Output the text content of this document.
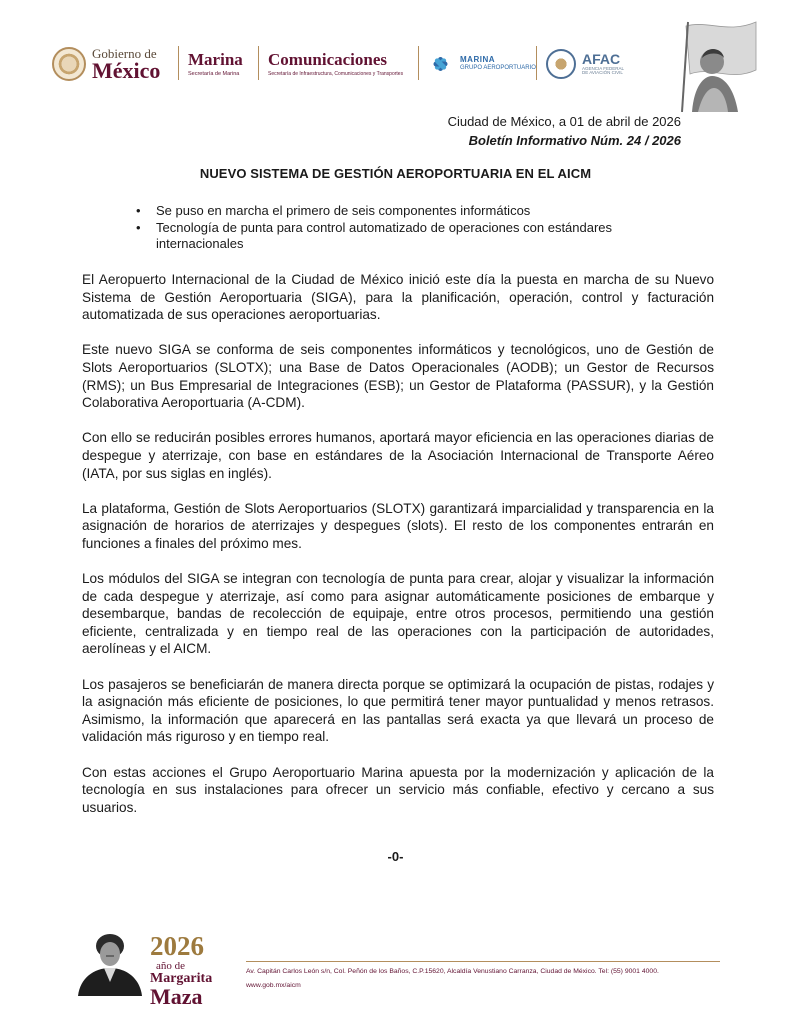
Gobierno de
México Marina
Secretaría de Marina
Comunicaciones
Secretaría de Infraestructura, Comunicaciones y Transportes
MARINA
GRUPO AEROPORTUARIO
AFAC
AGENCIA FEDERAL DE AVIACIÓN CIVIL
Ciudad de México, a 01 de abril de 2026
Boletín Informativo Núm. 24 / 2026
NUEVO SISTEMA DE GESTIÓN AEROPORTUARIA EN EL AICM
• Se puso en marcha el primero de seis componentes informáticos
• Tecnología de punta para control automatizado de operaciones con estándares internacionales

El Aeropuerto Internacional de la Ciudad de México inició este día la puesta en marcha de su Nuevo Sistema de Gestión Aeroportuaria (SIGA), para la planificación, operación, control y facturación automatizada de sus operaciones aeroportuarias.

Este nuevo SIGA se conforma de seis componentes informáticos y tecnológicos, uno de Gestión de Slots Aeroportuarios (SLOTX); una Base de Datos Operacionales (AODB); un Gestor de Recursos (RMS); un Bus Empresarial de Integraciones (ESB); un Gestor de Plataforma (PASSUR), y la Gestión Colaborativa Aeroportuaria (A-CDM).

Con ello se reducirán posibles errores humanos, aportará mayor eficiencia en las operaciones diarias de despegue y aterrizaje, con base en estándares de la Asociación Internacional de Transporte Aéreo (IATA, por sus siglas en inglés).

La plataforma, Gestión de Slots Aeroportuarios (SLOTX) garantizará imparcialidad y transparencia en la asignación de horarios de aterrizajes y despegues (slots). El resto de los componentes entrarán en funciones a finales del próximo mes.

Los módulos del SIGA se integran con tecnología de punta para crear, alojar y visualizar la información de cada despegue y aterrizaje, así como para asignar automáticamente posiciones de embarque y desembarque, bandas de recolección de equipaje, entre otros procesos, permitiendo una gestión eficiente, centralizada y en tiempo real de las operaciones con la participación de autoridades, aerolíneas y el AICM.

Los pasajeros se beneficiarán de manera directa porque se optimizará la ocupación de pistas, rodajes y la asignación más eficiente de posiciones, lo que permitirá tener mayor puntualidad y menos retrasos. Asimismo, la información que aparecerá en las pantallas será exacta ya que llevará un proceso de validación más riguroso y en tiempo real.

Con estas acciones el Grupo Aeroportuario Marina apuesta por la modernización y aplicación de la tecnología en sus instalaciones para ofrecer un servicio más confiable, efectivo y cercano a sus usuarios.

-0-
2026
año de
Margarita
Maza
Av. Capitán Carlos León s/n, Col. Peñón de los Baños, C.P.15620, Alcaldía Venustiano Carranza, Ciudad de México. Tel: (55) 9001 4000.
www.gob.mx/aicm
